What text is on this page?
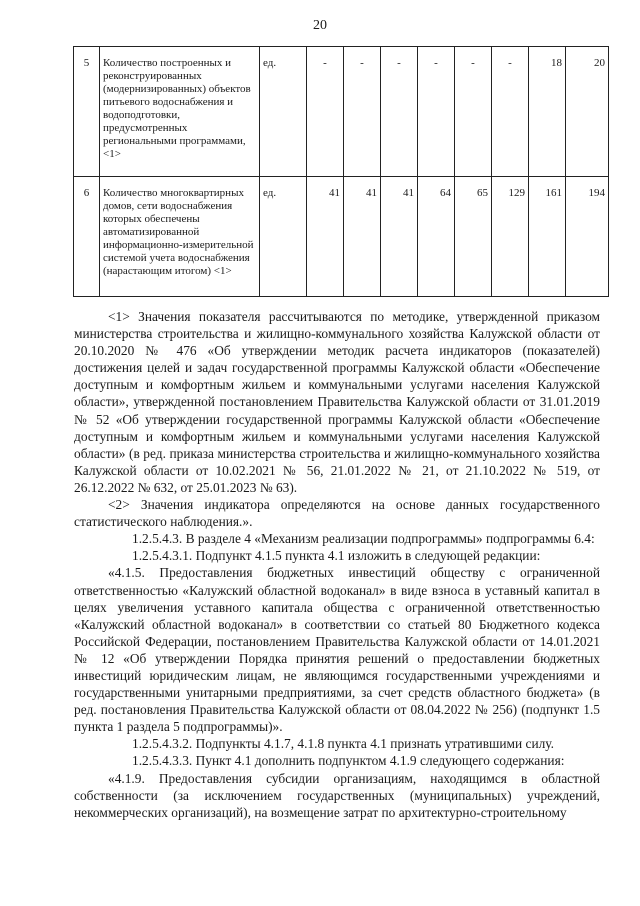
20
5	Количество построенных и реконструированных (модернизированных) объектов питьевого водоснабжения и водоподготовки, предусмотренных региональными программами, <1>	ед.	-	-	-	-	-	-	18	20
6	Количество многоквартирных домов, сети водоснабжения которых обеспечены автоматизированной информационно-измерительной системой учета водоснабжения (нарастающим итогом) <1>	ед.	41	41	41	64	65	129	161	194

<1> Значения показателя рассчитываются по методике, утвержденной приказом министерства строительства и жилищно-коммунального хозяйства Калужской области от 20.10.2020 № 476 «Об утверждении методик расчета индикаторов (показателей) достижения целей и задач государственной программы Калужской области «Обеспечение доступным и комфортным жильем и коммунальными услугами населения Калужской области», утвержденной постановлением Правительства Калужской области от 31.01.2019 № 52 «Об утверждении государственной программы Калужской области «Обеспечение доступным и комфортным жильем и коммунальными услугами населения Калужской области» (в ред. приказа министерства строительства и жилищно-коммунального хозяйства Калужской области от 10.02.2021 № 56, 21.01.2022 № 21, от 21.10.2022 № 519, от 26.12.2022 № 632, от 25.01.2023 № 63).

<2> Значения индикатора определяются на основе данных государственного статистического наблюдения.».

1.2.5.4.3. В разделе 4 «Механизм реализации подпрограммы» подпрограммы 6.4:

1.2.5.4.3.1. Подпункт 4.1.5 пункта 4.1 изложить в следующей редакции:

«4.1.5. Предоставления бюджетных инвестиций обществу с ограниченной ответственностью «Калужский областной водоканал» в виде взноса в уставный капитал в целях увеличения уставного капитала общества с ограниченной ответственностью «Калужский областной водоканал» в соответствии со статьей 80 Бюджетного кодекса Российской Федерации, постановлением Правительства Калужской области от 14.01.2021 № 12 «Об утверждении Порядка принятия решений о предоставлении бюджетных инвестиций юридическим лицам, не являющимся государственными учреждениями и государственными унитарными предприятиями, за счет средств областного бюджета» (в ред. постановления Правительства Калужской области от 08.04.2022 № 256) (подпункт 1.5 пункта 1 раздела 5 подпрограммы)».

1.2.5.4.3.2. Подпункты 4.1.7, 4.1.8 пункта 4.1 признать утратившими силу.

1.2.5.4.3.3. Пункт 4.1 дополнить подпунктом 4.1.9 следующего содержания:

«4.1.9. Предоставления субсидии организациям, находящимся в областной собственности (за исключением государственных (муниципальных) учреждений, некоммерческих организаций), на возмещение затрат по архитектурно-строительному
